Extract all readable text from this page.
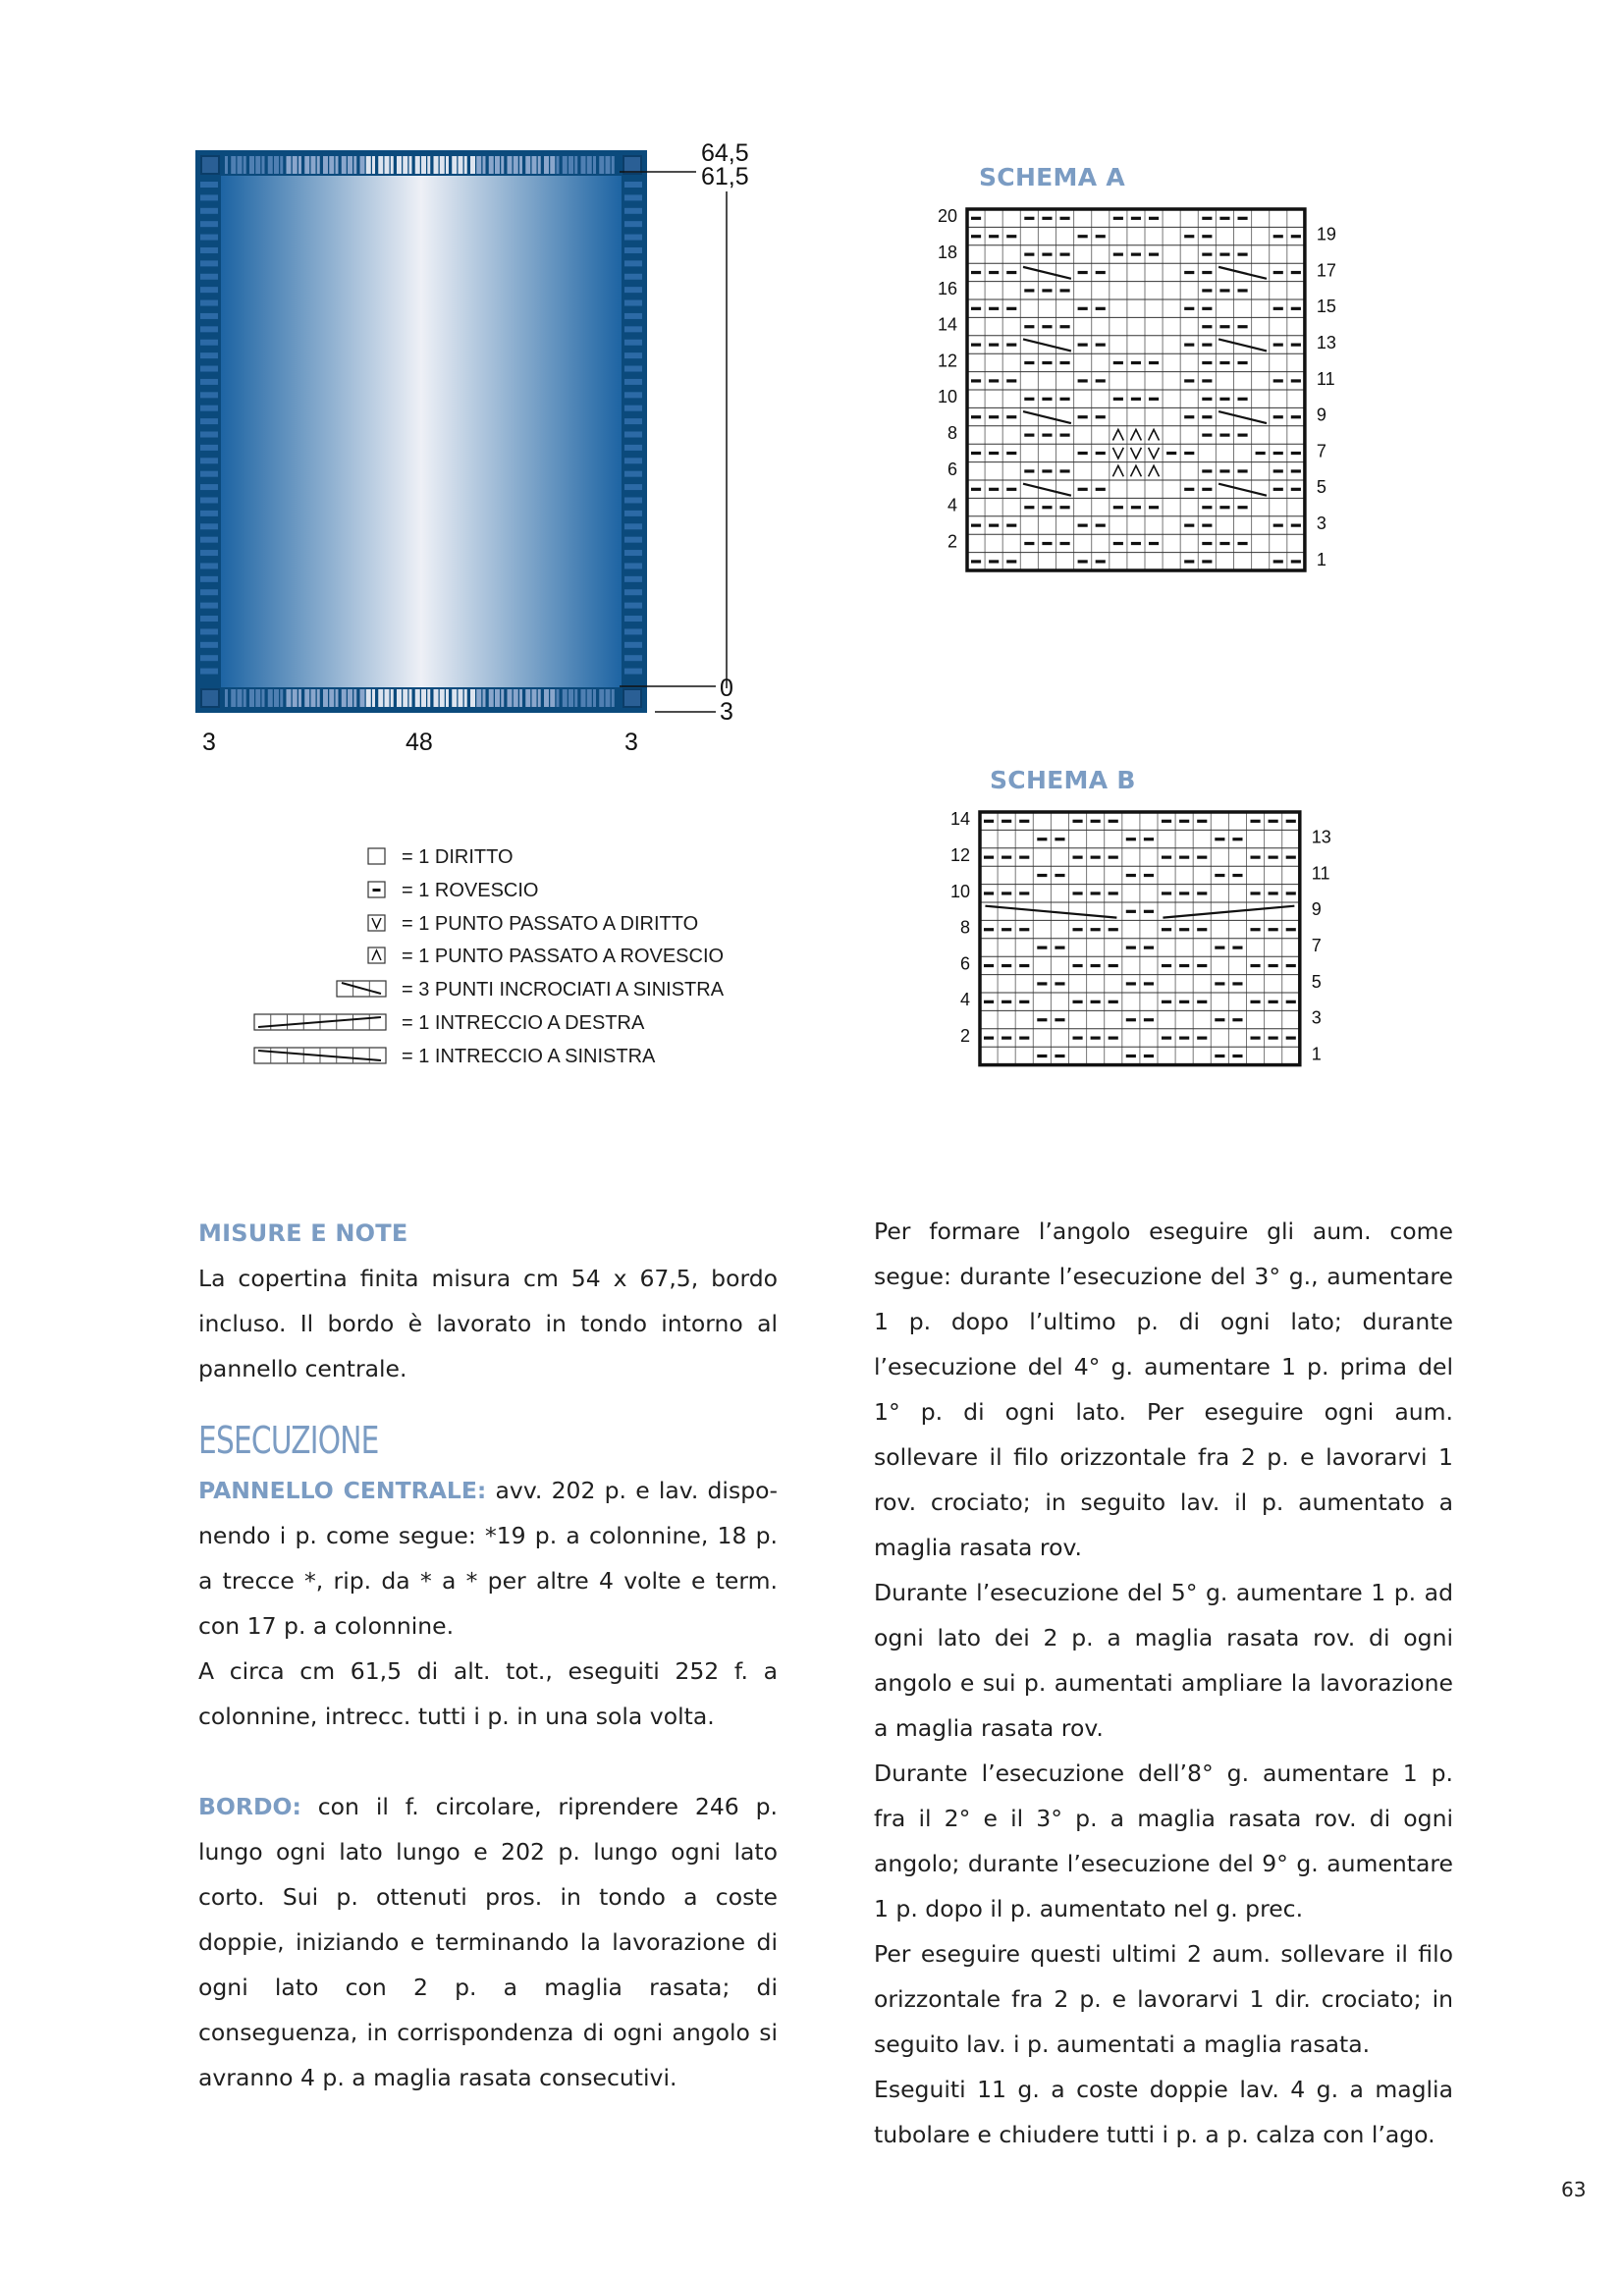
64,5
61,5
0
3
3	48	3
SCHEMA A
20
18
16
14
12
10
8
6
4
2
19
17
15
13
11
9
7
5
3
1
SCHEMA B
14
12
10
8
6
4
2
13
11
9
7
5
3
1
= 1 DIRITTO
= 1 ROVESCIO
= 1 PUNTO PASSATO A DIRITTO
= 1 PUNTO PASSATO A ROVESCIO
= 3 PUNTI INCROCIATI A SINISTRA
= 1 INTRECCIO A DESTRA
= 1 INTRECCIO A SINISTRA
MISURE E NOTE

La copertina finita misura cm 54 x 67,5, bordo incluso. Il bordo è lavorato in tondo intorno al pannello centrale.

ESECUZIONE

PANNELLO CENTRALE: avv. 202 p. e lav. disponendo i p. come segue: *19 p. a colonnine, 18 p. a trecce *, rip. da * a * per altre 4 volte e term. con 17 p. a colonnine.

A circa cm 61,5 di alt. tot., eseguiti 252 f. a colonnine, intrecc. tutti i p. in una sola volta.

BORDO: con il f. circolare, riprendere 246 p. lungo ogni lato lungo e 202 p. lungo ogni lato corto. Sui p. ottenuti pros. in tondo a coste doppie, iniziando e terminando la lavorazione di ogni lato con 2 p. a maglia rasata; di conseguenza, in corrispondenza di ogni angolo si avranno 4 p. a maglia rasata consecutivi.

Per formare l’angolo eseguire gli aum. come segue: durante l’esecuzione del 3° g., aumentare 1 p. dopo l’ultimo p. di ogni lato; durante l’esecuzione del 4° g. aumentare 1 p. prima del 1° p. di ogni lato. Per eseguire ogni aum. sollevare il filo orizzontale fra 2 p. e lavorarvi 1 rov. crociato; in seguito lav. il p. aumentato a maglia rasata rov.

Durante l’esecuzione del 5° g. aumentare 1 p. ad ogni lato dei 2 p. a maglia rasata rov. di ogni angolo e sui p. aumentati ampliare la lavorazione a maglia rasata rov.

Durante l’esecuzione dell’8° g. aumentare 1 p. fra il 2° e il 3° p. a maglia rasata rov. di ogni angolo; durante l’esecuzione del 9° g. aumentare 1 p. dopo il p. aumentato nel g. prec.

Per eseguire questi ultimi 2 aum. sollevare il filo orizzontale fra 2 p. e lavorarvi 1 dir. crociato; in seguito lav. i p. aumentati a maglia rasata.

Eseguiti 11 g. a coste doppie lav. 4 g. a maglia tubolare e chiudere tutti i p. a p. calza con l’ago.

63
